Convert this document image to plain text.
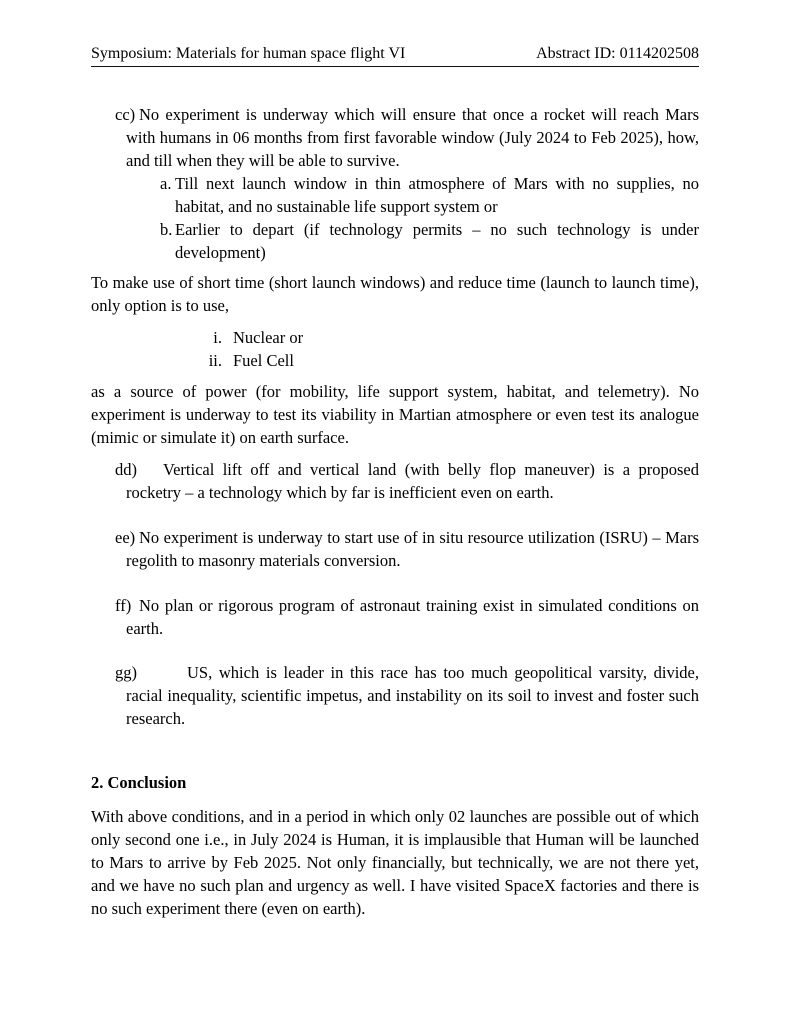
Symposium: Materials for human space flight VI	Abstract ID: 0114202508
cc) No experiment is underway which will ensure that once a rocket will reach Mars with humans in 06 months from first favorable window (July 2024 to Feb 2025), how, and till when they will be able to survive.
a. Till next launch window in thin atmosphere of Mars with no supplies, no habitat, and no sustainable life support system or
b. Earlier to depart (if technology permits – no such technology is under development)

To make use of short time (short launch windows) and reduce time (launch to launch time), only option is to use,

i. Nuclear or
ii. Fuel Cell

as a source of power (for mobility, life support system, habitat, and telemetry). No experiment is underway to test its viability in Martian atmosphere or even test its analogue (mimic or simulate it) on earth surface.

dd) Vertical lift off and vertical land (with belly flop maneuver) is a proposed rocketry – a technology which by far is inefficient even on earth.
ee) No experiment is underway to start use of in situ resource utilization (ISRU) – Mars regolith to masonry materials conversion.
ff) No plan or rigorous program of astronaut training exist in simulated conditions on earth.
gg)	US, which is leader in this race has too much geopolitical varsity, divide, racial inequality, scientific impetus, and instability on its soil to invest and foster such research.
2. Conclusion

With above conditions, and in a period in which only 02 launches are possible out of which only second one i.e., in July 2024 is Human, it is implausible that Human will be launched to Mars to arrive by Feb 2025. Not only financially, but technically, we are not there yet, and we have no such plan and urgency as well. I have visited SpaceX factories and there is no such experiment there (even on earth).
